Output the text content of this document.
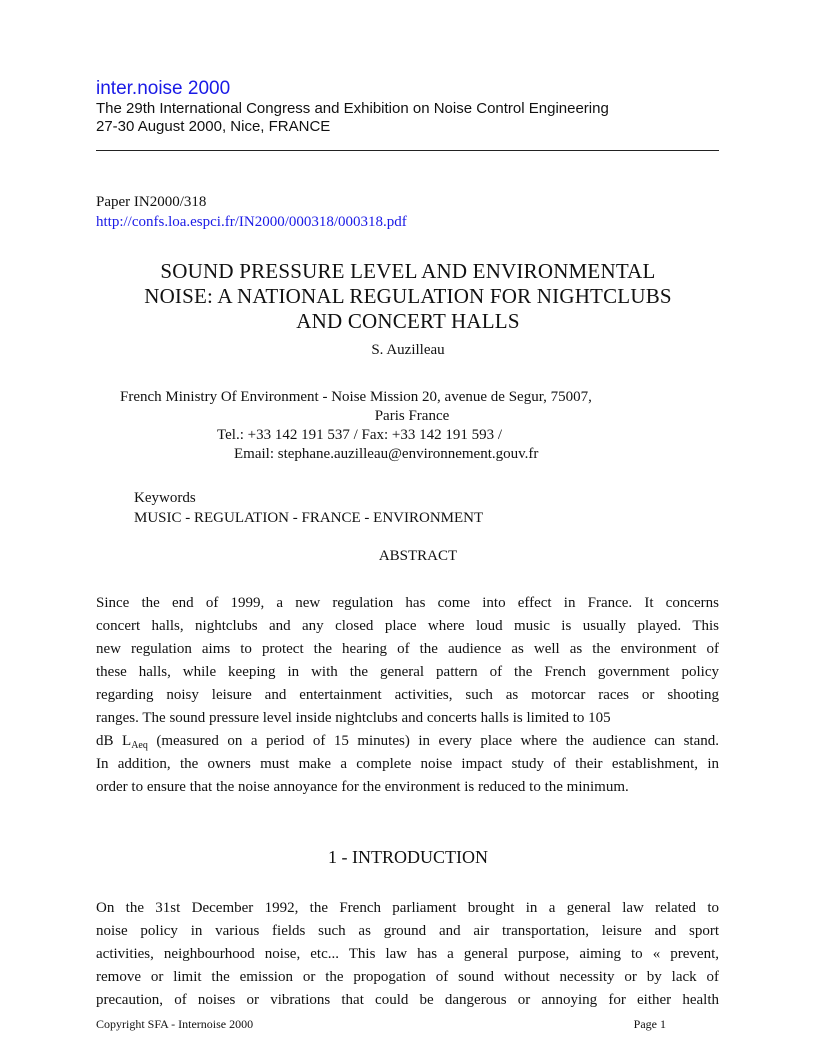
inter.noise 2000
The 29th International Congress and Exhibition on Noise Control Engineering
27-30 August 2000, Nice, FRANCE
Paper IN2000/318
http://confs.loa.espci.fr/IN2000/000318/000318.pdf
SOUND PRESSURE LEVEL AND ENVIRONMENTAL
NOISE: A NATIONAL REGULATION FOR NIGHTCLUBS
AND CONCERT HALLS
S. Auzilleau
French Ministry Of Environment - Noise Mission 20, avenue de Segur, 75007,
Paris France
Tel.: +33 142 191 537 / Fax: +33 142 191 593 /
Email: stephane.auzilleau@environnement.gouv.fr
Keywords
MUSIC - REGULATION - FRANCE - ENVIRONMENT
ABSTRACT
Since the end of 1999, a new regulation has come into effect in France. It concerns
concert halls, nightclubs and any closed place where loud music is usually played. This
new regulation aims to protect the hearing of the audience as well as the environment of
these halls, while keeping in with the general pattern of the French government policy
regarding noisy leisure and entertainment activities, such as motorcar races or shooting
ranges. The sound pressure level inside nightclubs and concerts halls is limited to 105
dB $L_{Aeq}$ (measured on a period of 15 minutes) in every place where the audience can stand.
In addition, the owners must make a complete noise impact study of their establishment, in
order to ensure that the noise annoyance for the environment is reduced to the minimum.
1 - INTRODUCTION
On the 31st December 1992, the French parliament brought in a general law related to
noise policy in various fields such as ground and air transportation, leisure and sport
activities, neighbourhood noise, etc... This law has a general purpose, aiming to « prevent,
remove or limit the emission or the propogation of sound without necessity or by lack of
precaution, of noises or vibrations that could be dangerous or annoying for either health
Copyright SFA - Internoise 2000	Page 1
